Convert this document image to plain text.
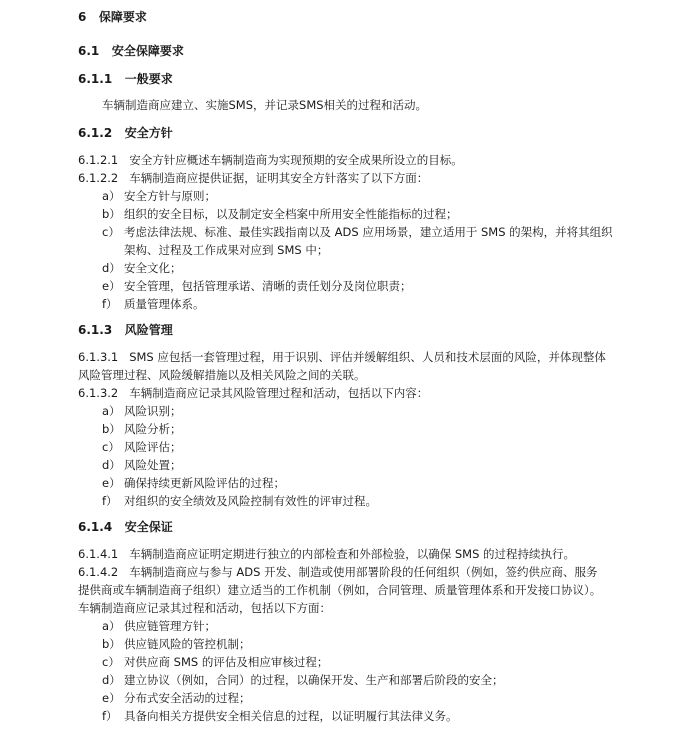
6 保障要求
6.1 安全保障要求
6.1.1 一般要求
车辆制造商应建立、实施SMS，并记录SMS相关的过程和活动。
6.1.2 安全方针
6.1.2.1 安全方针应概述车辆制造商为实现预期的安全成果所设立的目标。
6.1.2.2 车辆制造商应提供证据，证明其安全方针落实了以下方面：
a） 安全方针与原则；
b） 组织的安全目标，以及制定安全档案中所用安全性能指标的过程；
c） 考虑法律法规、标准、最佳实践指南以及 ADS 应用场景，建立适用于 SMS 的架构，并将其组织
架构、过程及工作成果对应到 SMS 中；
d） 安全文化；
e） 安全管理，包括管理承诺、清晰的责任划分及岗位职责；
f） 质量管理体系。
6.1.3 风险管理
6.1.3.1 SMS 应包括一套管理过程，用于识别、评估并缓解组织、人员和技术层面的风险，并体现整体
风险管理过程、风险缓解措施以及相关风险之间的关联。
6.1.3.2 车辆制造商应记录其风险管理过程和活动，包括以下内容：
a） 风险识别；
b） 风险分析；
c） 风险评估；
d） 风险处置；
e） 确保持续更新风险评估的过程；
f） 对组织的安全绩效及风险控制有效性的评审过程。
6.1.4 安全保证
6.1.4.1 车辆制造商应证明定期进行独立的内部检查和外部检验，以确保 SMS 的过程持续执行。
6.1.4.2 车辆制造商应与参与 ADS 开发、制造或使用部署阶段的任何组织（例如，签约供应商、服务
提供商或车辆制造商子组织）建立适当的工作机制（例如，合同管理、质量管理体系和开发接口协议）。
车辆制造商应记录其过程和活动，包括以下方面：
a） 供应链管理方针；
b） 供应链风险的管控机制；
c） 对供应商 SMS 的评估及相应审核过程；
d） 建立协议（例如，合同）的过程，以确保开发、生产和部署后阶段的安全；
e） 分布式安全活动的过程；
f） 具备向相关方提供安全相关信息的过程，以证明履行其法律义务。
